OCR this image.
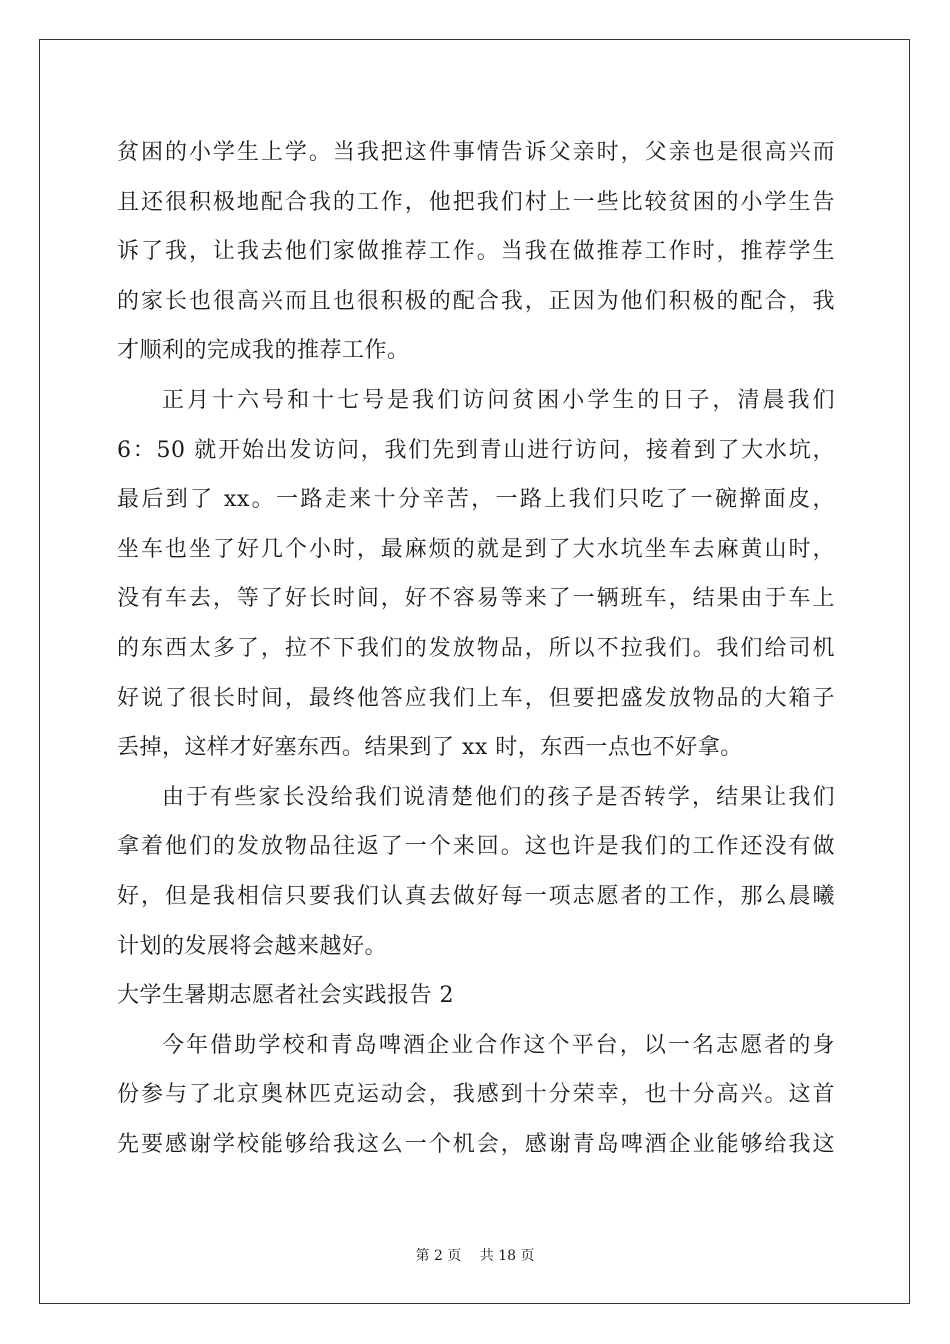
贫困的小学生上学。当我把这件事情告诉父亲时，父亲也是很高兴而
且还很积极地配合我的工作，他把我们村上一些比较贫困的小学生告
诉了我，让我去他们家做推荐工作。当我在做推荐工作时，推荐学生
的家长也很高兴而且也很积极的配合我，正因为他们积极的配合，我
才顺利的完成我的推荐工作。
正月十六号和十七号是我们访问贫困小学生的日子，清晨我们
6：50 就开始出发访问，我们先到青山进行访问，接着到了大水坑，
最后到了 xx。一路走来十分辛苦，一路上我们只吃了一碗擀面皮，
坐车也坐了好几个小时，最麻烦的就是到了大水坑坐车去麻黄山时，
没有车去，等了好长时间，好不容易等来了一辆班车，结果由于车上
的东西太多了，拉不下我们的发放物品，所以不拉我们。我们给司机
好说了很长时间，最终他答应我们上车，但要把盛发放物品的大箱子
丢掉，这样才好塞东西。结果到了 xx 时，东西一点也不好拿。
由于有些家长没给我们说清楚他们的孩子是否转学，结果让我们
拿着他们的发放物品往返了一个来回。这也许是我们的工作还没有做
好，但是我相信只要我们认真去做好每一项志愿者的工作，那么晨曦
计划的发展将会越来越好。
大学生暑期志愿者社会实践报告 2
今年借助学校和青岛啤酒企业合作这个平台，以一名志愿者的身
份参与了北京奥林匹克运动会，我感到十分荣幸，也十分高兴。这首
先要感谢学校能够给我这么一个机会，感谢青岛啤酒企业能够给我这
第 2 页　 共 18 页
